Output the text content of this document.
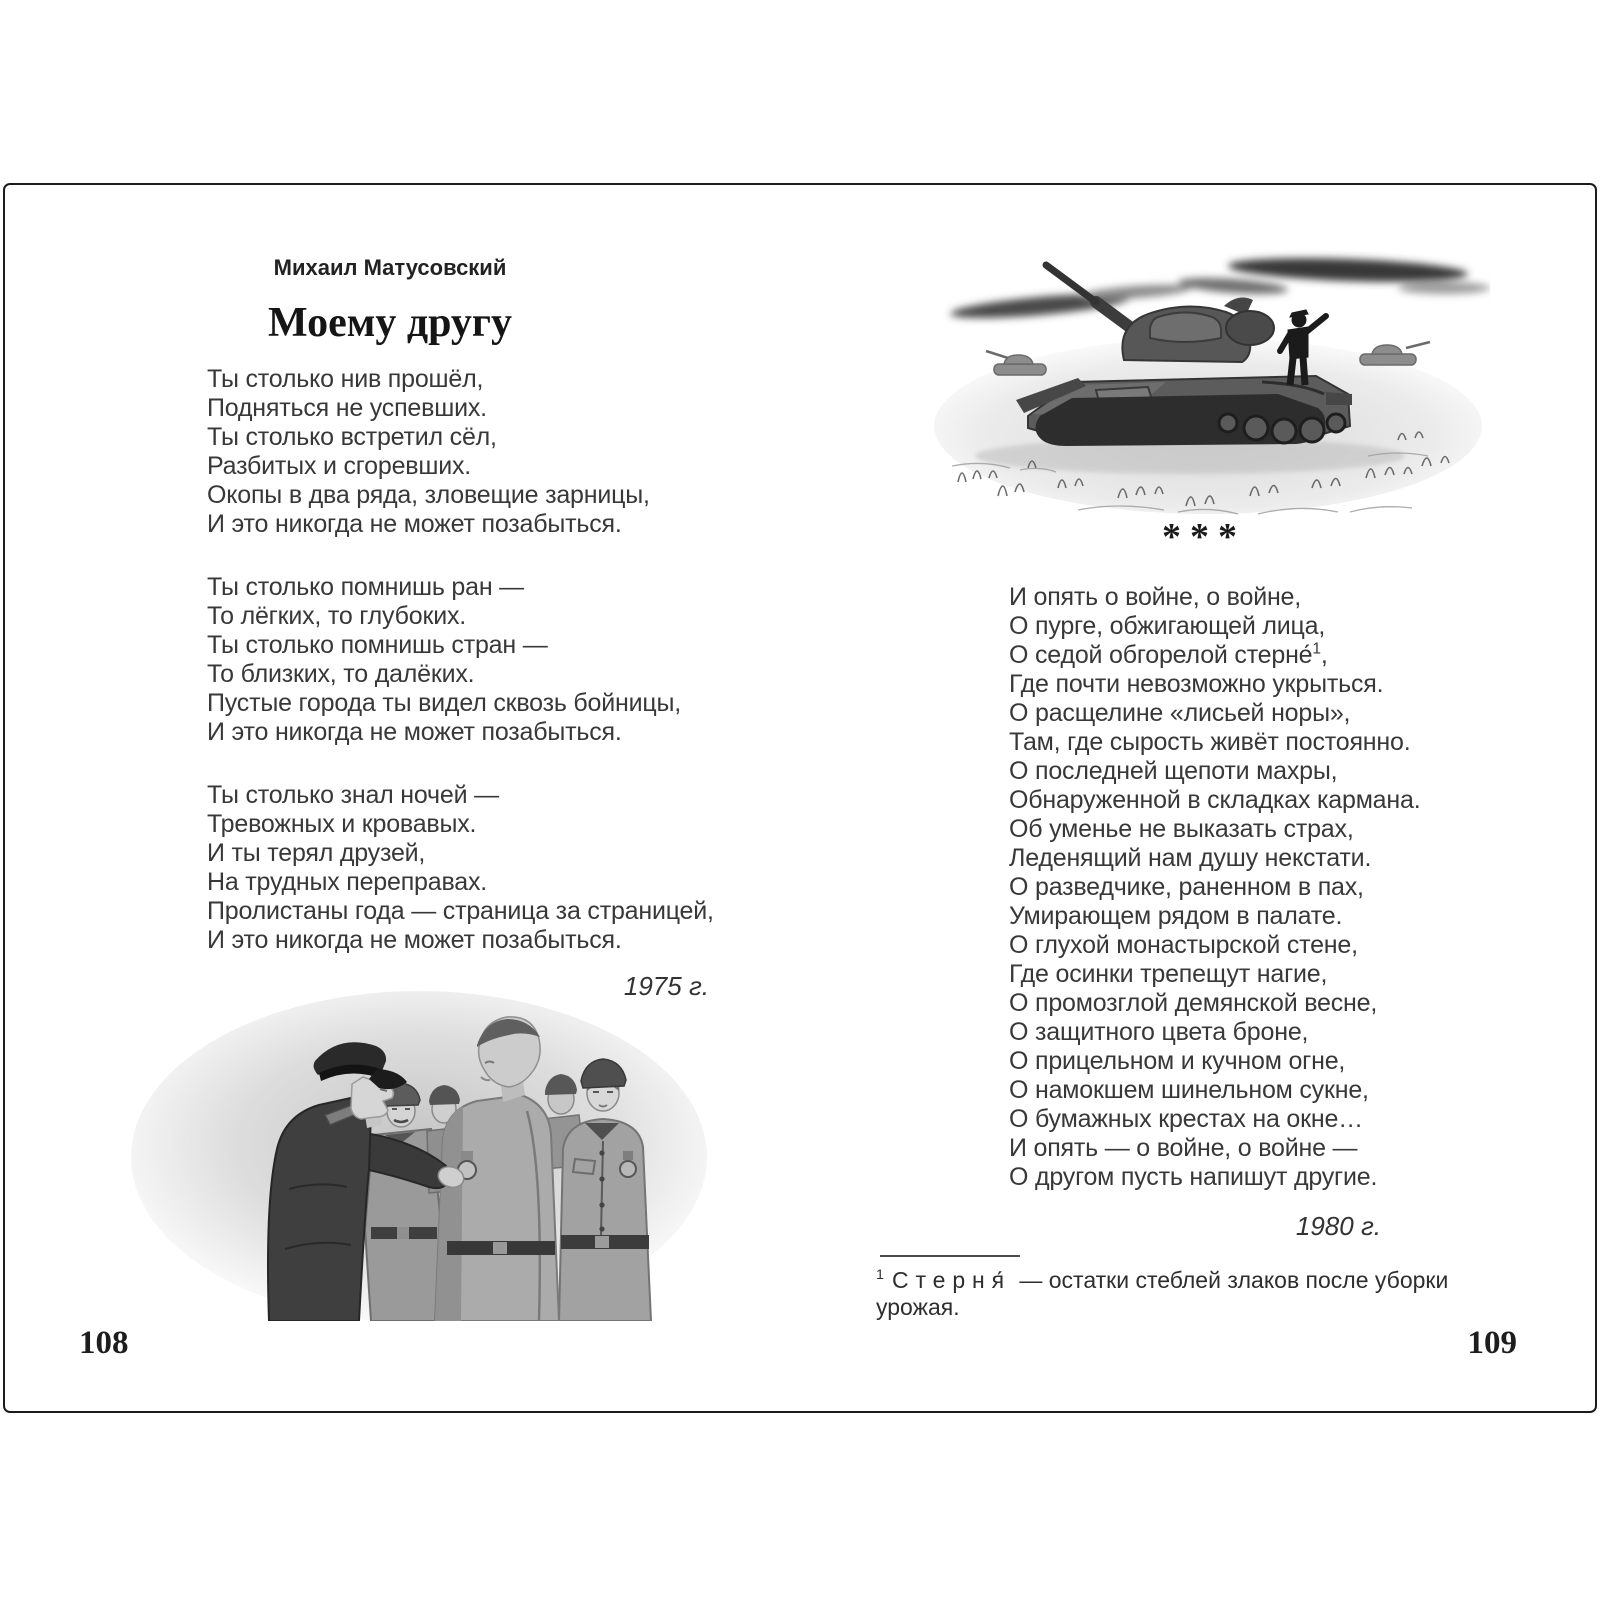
Михаил Матусовский
Моему другу
Ты столько нив прошёл,
Подняться не успевших.
Ты столько встретил сёл,
Разбитых и сгоревших.
Окопы в два ряда, зловещие зарницы,
И это никогда не может позабыться.
Ты столько помнишь ран —
То лёгких, то глубоких.
Ты столько помнишь стран —
То близких, то далёких.
Пустые города ты видел сквозь бойницы,
И это никогда не может позабыться.
Ты столько знал ночей —
Тревожных и кровавых.
И ты терял друзей,
На трудных переправах.
Пролистаны года — страница за страницей,
И это никогда не может позабыться.
1975 г.
108
***
И опять о войне, о войне,
О пурге, обжигающей лица,
О седой обгорелой стерне́$^1$,
Где почти невозможно укрыться.
О расщелине «лисьей норы»,
Там, где сырость живёт постоянно.
О последней щепоти махры,
Обнаруженной в складках кармана.
Об уменье не выказать страх,
Леденящий нам душу некстати.
О разведчике, раненном в пах,
Умирающем рядом в палате.
О глухой монастырской стене,
Где осинки трепещут нагие,
О промозглой демянской весне,
О защитного цвета броне,
О прицельном и кучном огне,
О намокшем шинельном сукне,
О бумажных крестах на окне…
И опять — о войне, о войне —
О другом пусть напишут другие.
1980 г.
$^1$ Стерня́ — остатки стеблей злаков после уборки урожая.
109
